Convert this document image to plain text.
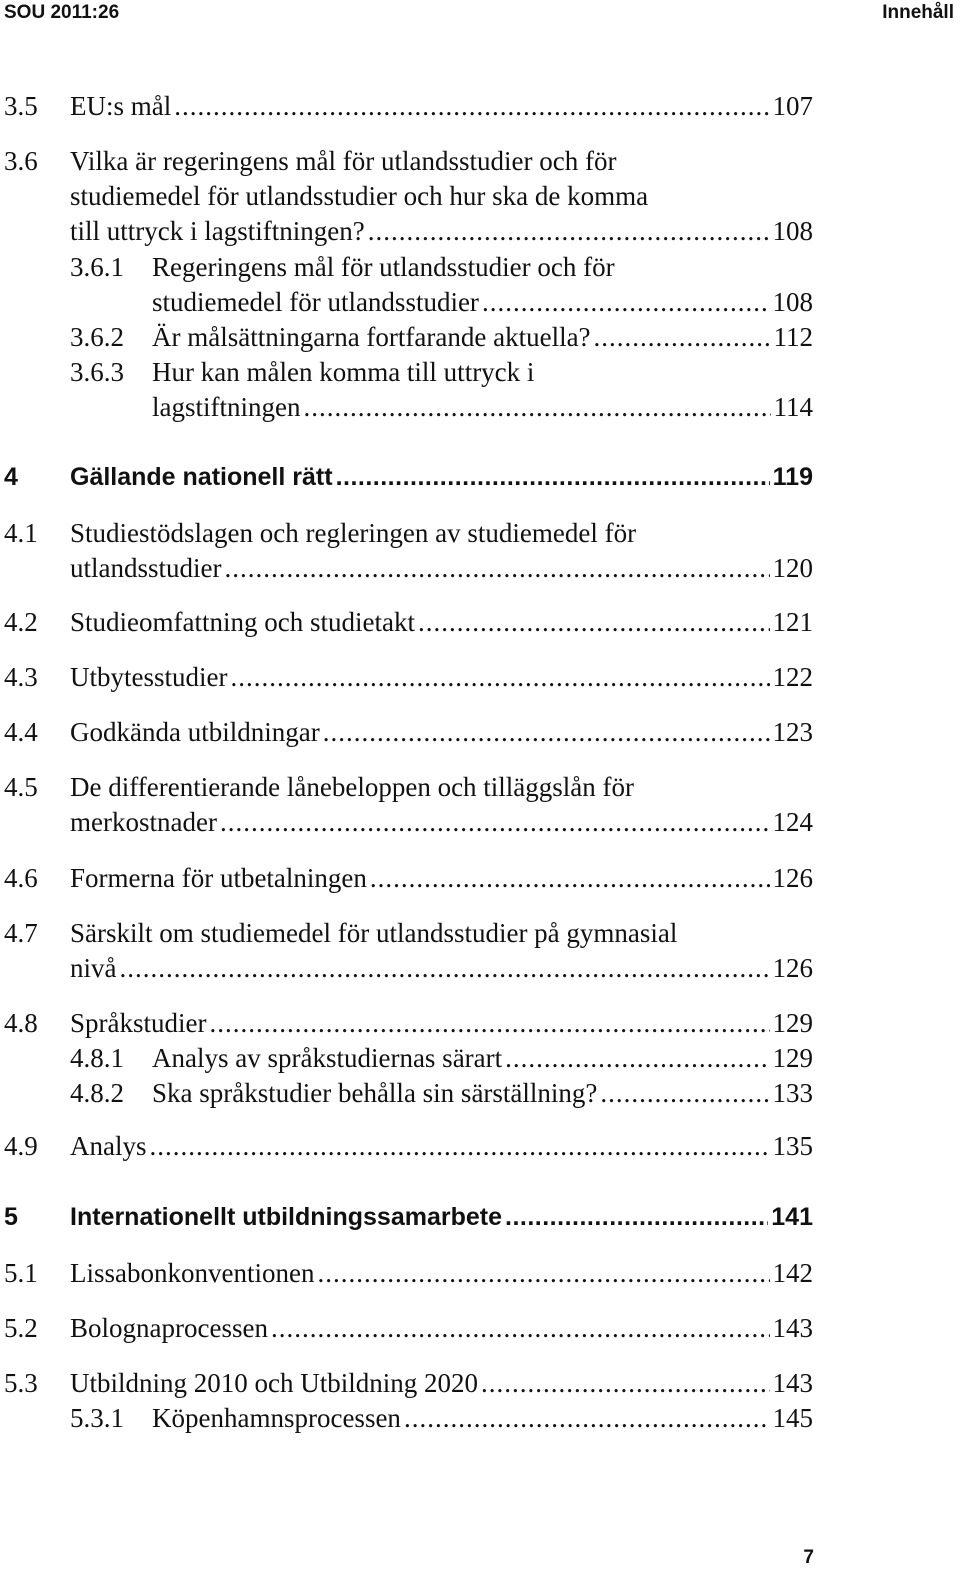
SOU 2011:26	Innehåll
3.5 EU:s mål .....	107
3.6 Vilka är regeringens mål för utlandsstudier och för
studiemedel för utlandsstudier och hur ska de komma
till uttryck i lagstiftningen? .....	108
3.6.1 Regeringens mål för utlandsstudier och för
studiemedel för utlandsstudier .....	108
3.6.2 Är målsättningarna fortfarande aktuella? .....	112
3.6.3 Hur kan målen komma till uttryck i
lagstiftningen .....	114
4 Gällande nationell rätt .....	119
4.1 Studiestödslagen och regleringen av studiemedel för
utlandsstudier .....	120
4.2 Studieomfattning och studietakt .....	121
4.3 Utbytesstudier .....	122
4.4 Godkända utbildningar .....	123
4.5 De differentierande lånebeloppen och tilläggslån för
merkostnader .....	124
4.6 Formerna för utbetalningen .....	126
4.7 Särskilt om studiemedel för utlandsstudier på gymnasial
nivå .....	126
4.8 Språkstudier .....	129
4.8.1 Analys av språkstudiernas särart .....	129
4.8.2 Ska språkstudier behålla sin särställning? .....	133
4.9 Analys .....	135
5 Internationellt utbildningssamarbete .....	141
5.1 Lissabonkonventionen .....	142
5.2 Bolognaprocessen .....	143
5.3 Utbildning 2010 och Utbildning 2020 .....	143
5.3.1 Köpenhamnsprocessen .....	145
7
